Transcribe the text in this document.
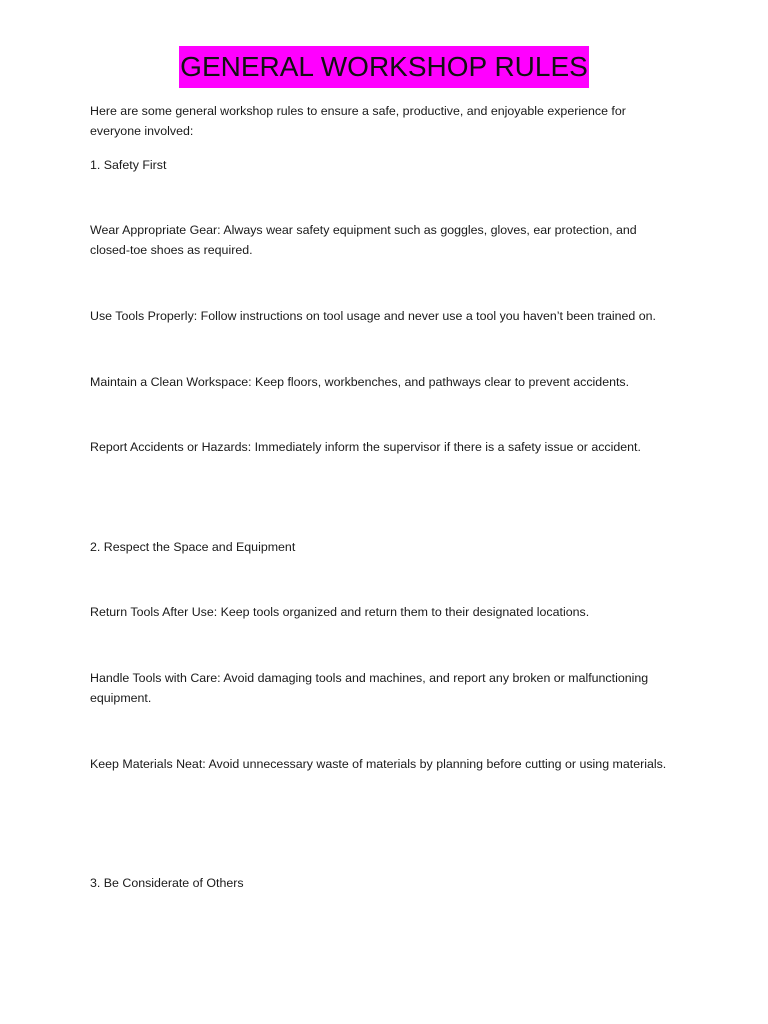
GENERAL WORKSHOP RULES

Here are some general workshop rules to ensure a safe, productive, and enjoyable experience for everyone involved:

1. Safety First

Wear Appropriate Gear: Always wear safety equipment such as goggles, gloves, ear protection, and closed-toe shoes as required.

Use Tools Properly: Follow instructions on tool usage and never use a tool you haven’t been trained on.

Maintain a Clean Workspace: Keep floors, workbenches, and pathways clear to prevent accidents.

Report Accidents or Hazards: Immediately inform the supervisor if there is a safety issue or accident.

2. Respect the Space and Equipment

Return Tools After Use: Keep tools organized and return them to their designated locations.

Handle Tools with Care: Avoid damaging tools and machines, and report any broken or malfunctioning equipment.

Keep Materials Neat: Avoid unnecessary waste of materials by planning before cutting or using materials.

3. Be Considerate of Others
